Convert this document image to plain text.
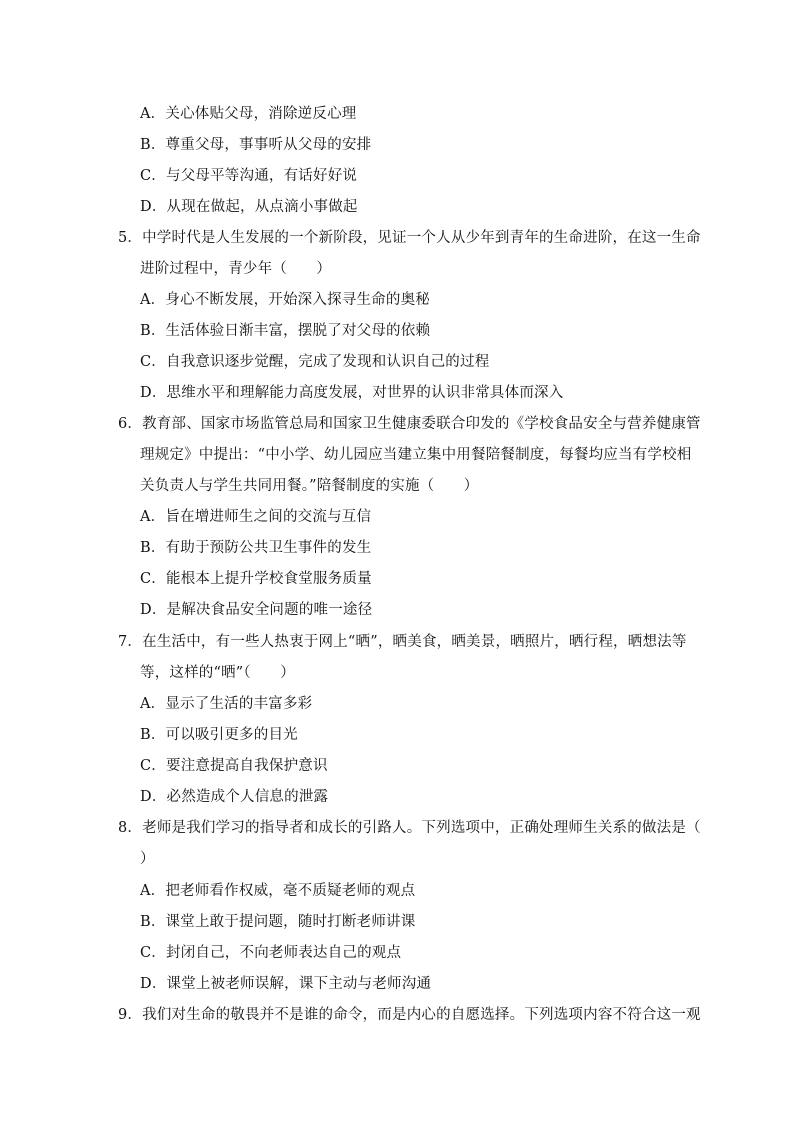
A．关心体贴父母，消除逆反心理
B．尊重父母，事事听从父母的安排
C．与父母平等沟通，有话好好说
D．从现在做起，从点滴小事做起
5．中学时代是人生发展的一个新阶段，见证一个人从少年到青年的生命进阶，在这一生命
进阶过程中，青少年（　　）
A．身心不断发展，开始深入探寻生命的奥秘
B．生活体验日渐丰富，摆脱了对父母的依赖
C．自我意识逐步觉醒，完成了发现和认识自己的过程
D．思维水平和理解能力高度发展，对世界的认识非常具体而深入
6．教育部、国家市场监管总局和国家卫生健康委联合印发的《学校食品安全与营养健康管
理规定》中提出：“中小学、幼儿园应当建立集中用餐陪餐制度，每餐均应当有学校相
关负责人与学生共同用餐。”陪餐制度的实施（　　）
A．旨在增进师生之间的交流与互信
B．有助于预防公共卫生事件的发生
C．能根本上提升学校食堂服务质量
D．是解决食品安全问题的唯一途径
7．在生活中，有一些人热衷于网上“晒”，晒美食，晒美景，晒照片，晒行程，晒想法等
等，这样的“晒”（　　）
A．显示了生活的丰富多彩
B．可以吸引更多的目光
C．要注意提高自我保护意识
D．必然造成个人信息的泄露
8．老师是我们学习的指导者和成长的引路人。下列选项中，正确处理师生关系的做法是（
）
A．把老师看作权威，毫不质疑老师的观点
B．课堂上敢于提问题，随时打断老师讲课
C．封闭自己，不向老师表达自己的观点
D．课堂上被老师误解，课下主动与老师沟通
9．我们对生命的敬畏并不是谁的命令，而是内心的自愿选择。下列选项内容不符合这一观
